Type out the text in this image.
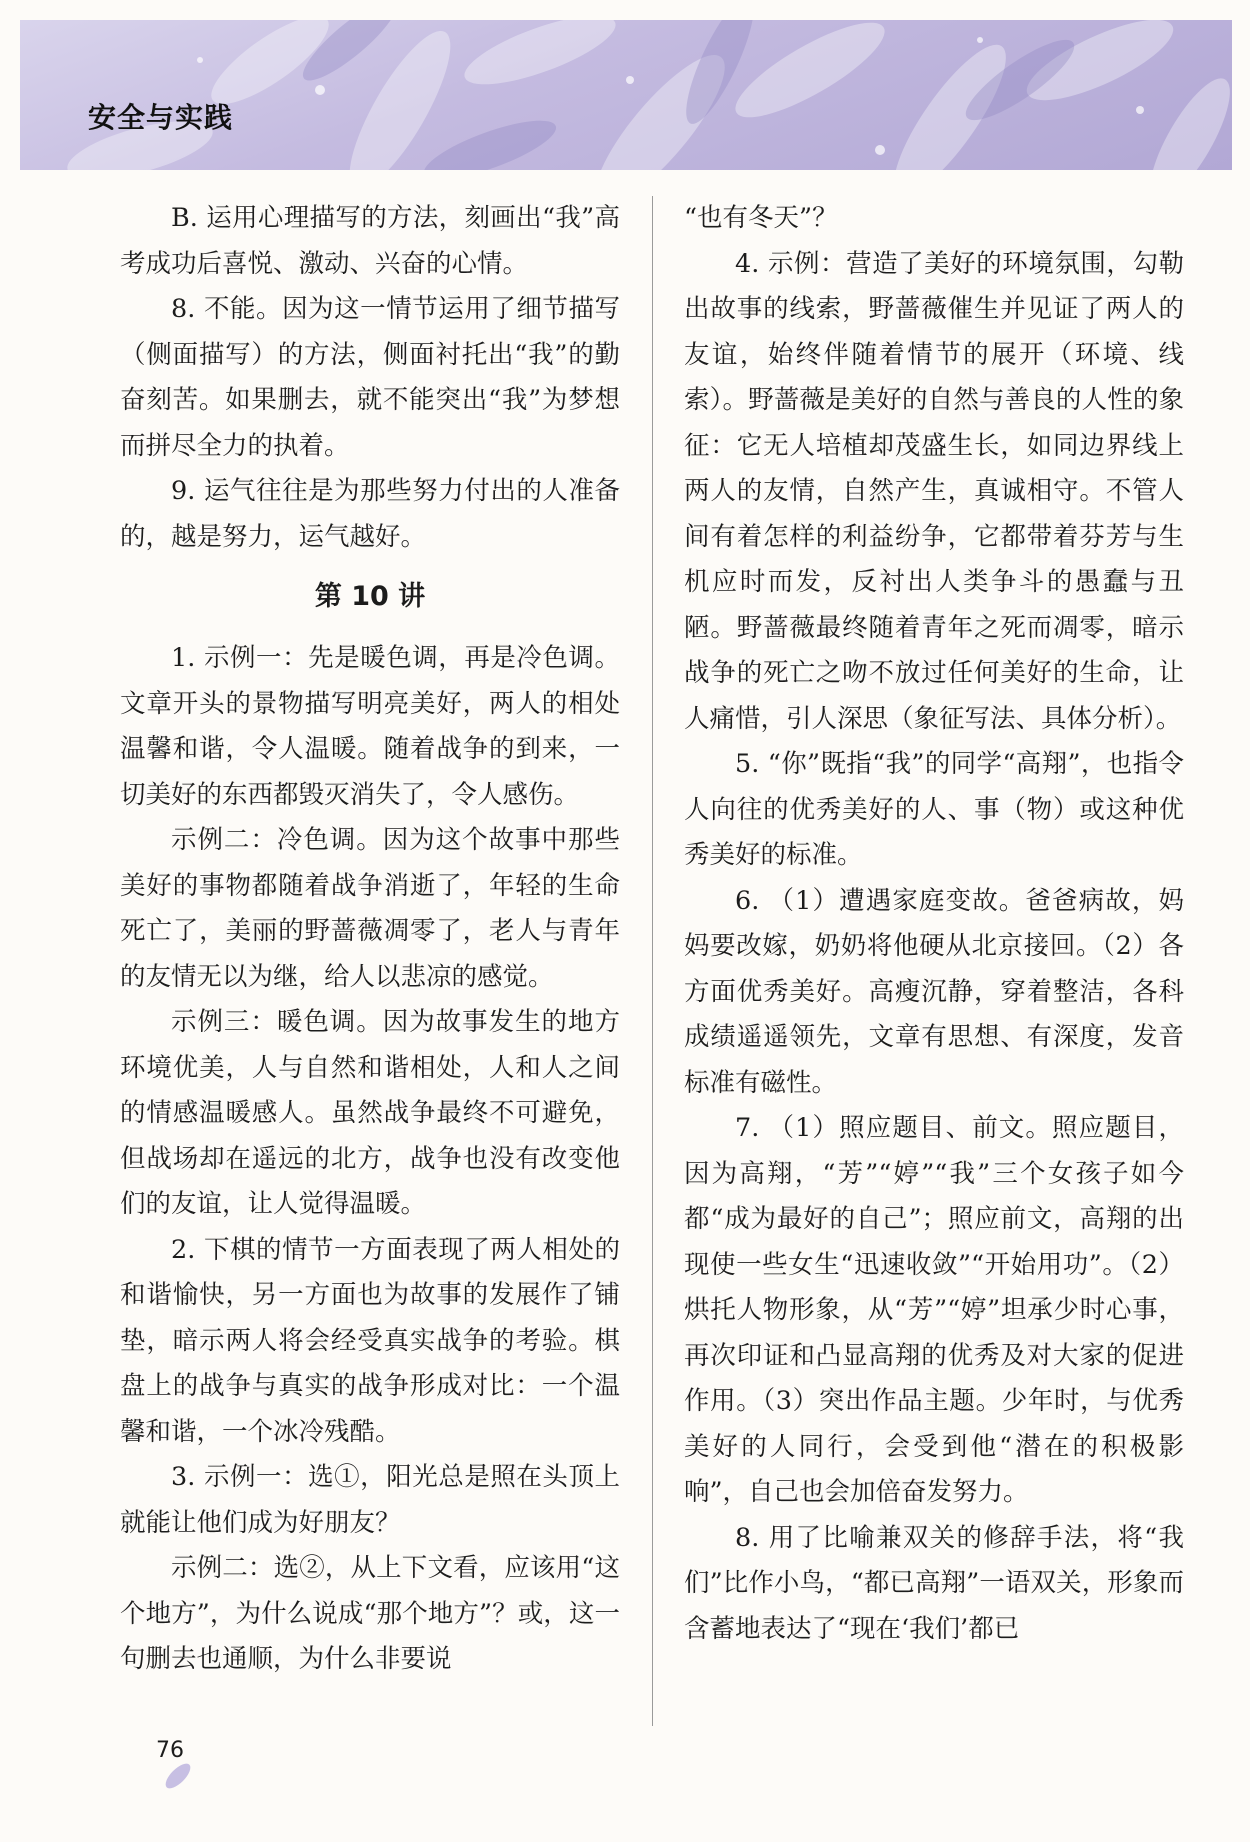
安全与实践

B. 运用心理描写的方法，刻画出“我”高考成功后喜悦、激动、兴奋的心情。

8. 不能。因为这一情节运用了细节描写（侧面描写）的方法，侧面衬托出“我”的勤奋刻苦。如果删去，就不能突出“我”为梦想而拼尽全力的执着。

9. 运气往往是为那些努力付出的人准备的，越是努力，运气越好。

第 10 讲

1. 示例一：先是暖色调，再是冷色调。文章开头的景物描写明亮美好，两人的相处温馨和谐，令人温暖。随着战争的到来，一切美好的东西都毁灭消失了，令人感伤。

示例二：冷色调。因为这个故事中那些美好的事物都随着战争消逝了，年轻的生命死亡了，美丽的野蔷薇凋零了，老人与青年的友情无以为继，给人以悲凉的感觉。

示例三：暖色调。因为故事发生的地方环境优美，人与自然和谐相处，人和人之间的情感温暖感人。虽然战争最终不可避免，但战场却在遥远的北方，战争也没有改变他们的友谊，让人觉得温暖。

2. 下棋的情节一方面表现了两人相处的和谐愉快，另一方面也为故事的发展作了铺垫，暗示两人将会经受真实战争的考验。棋盘上的战争与真实的战争形成对比：一个温馨和谐，一个冰冷残酷。

3. 示例一：选①，阳光总是照在头顶上就能让他们成为好朋友？

示例二：选②，从上下文看，应该用“这个地方”，为什么说成“那个地方”？或，这一句删去也通顺，为什么非要说

“也有冬天”？

4. 示例：营造了美好的环境氛围，勾勒出故事的线索，野蔷薇催生并见证了两人的友谊，始终伴随着情节的展开（环境、线索）。野蔷薇是美好的自然与善良的人性的象征：它无人培植却茂盛生长，如同边界线上两人的友情，自然产生，真诚相守。不管人间有着怎样的利益纷争，它都带着芬芳与生机应时而发，反衬出人类争斗的愚蠢与丑陋。野蔷薇最终随着青年之死而凋零，暗示战争的死亡之吻不放过任何美好的生命，让人痛惜，引人深思（象征写法、具体分析）。

5. “你”既指“我”的同学“高翔”，也指令人向往的优秀美好的人、事（物）或这种优秀美好的标准。

6. （1）遭遇家庭变故。爸爸病故，妈妈要改嫁，奶奶将他硬从北京接回。（2）各方面优秀美好。高瘦沉静，穿着整洁，各科成绩遥遥领先，文章有思想、有深度，发音标准有磁性。

7. （1）照应题目、前文。照应题目，因为高翔，“芳”“婷”“我”三个女孩子如今都“成为最好的自己”；照应前文，高翔的出现使一些女生“迅速收敛”“开始用功”。（2）烘托人物形象，从“芳”“婷”坦承少时心事，再次印证和凸显高翔的优秀及对大家的促进作用。（3）突出作品主题。少年时，与优秀美好的人同行，会受到他“潜在的积极影响”，自己也会加倍奋发努力。

8. 用了比喻兼双关的修辞手法，将“我们”比作小鸟，“都已高翔”一语双关，形象而含蓄地表达了“现在‘我们’都已

76
